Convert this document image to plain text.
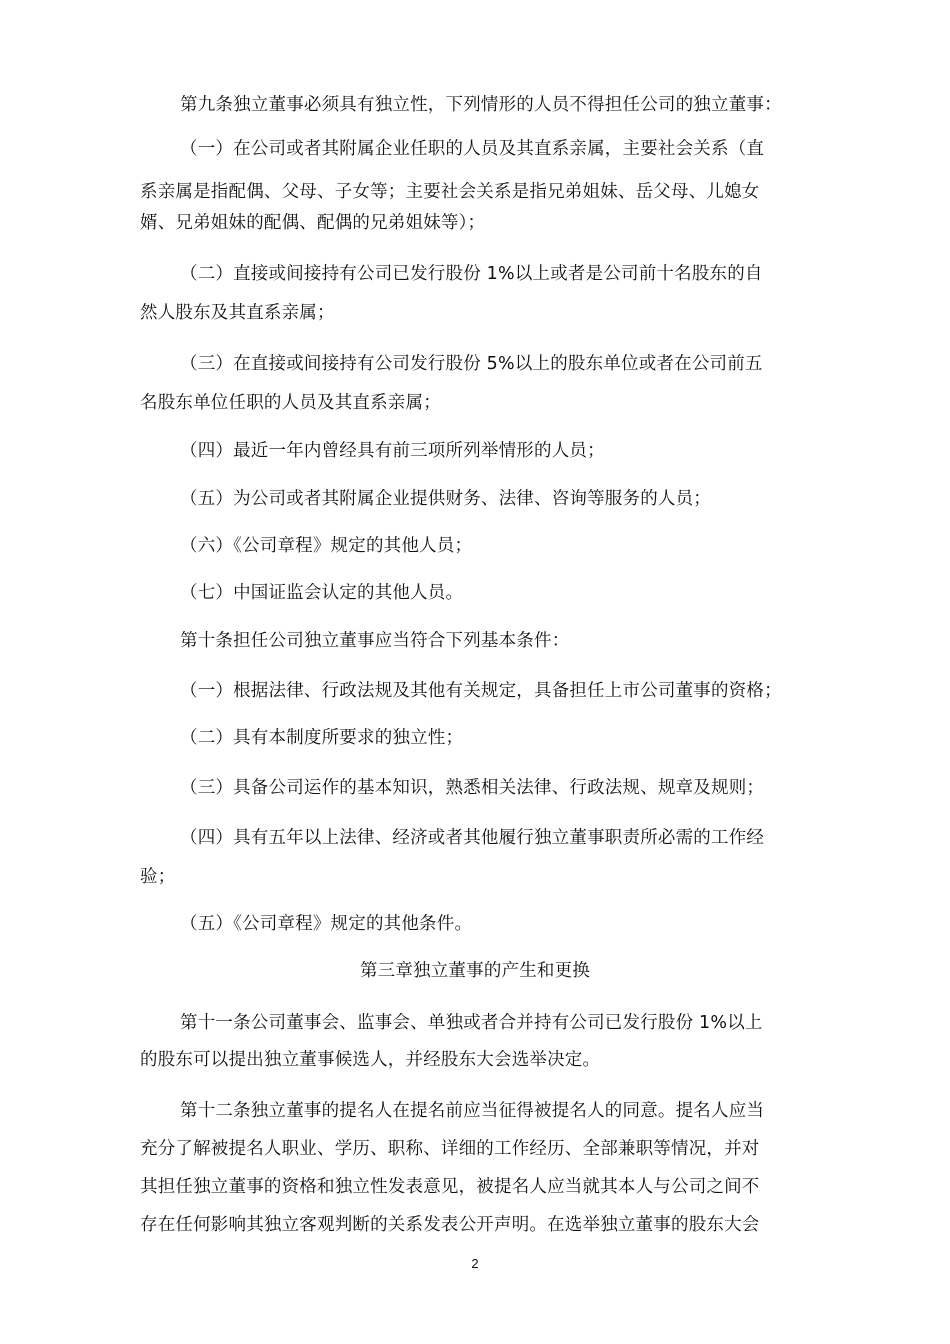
第九条独立董事必须具有独立性，下列情形的人员不得担任公司的独立董事：
（一）在公司或者其附属企业任职的人员及其直系亲属，主要社会关系（直
系亲属是指配偶、父母、子女等；主要社会关系是指兄弟姐妹、岳父母、儿媳女
婿、兄弟姐妹的配偶、配偶的兄弟姐妹等）；
（二）直接或间接持有公司已发行股份 1%以上或者是公司前十名股东的自
然人股东及其直系亲属；
（三）在直接或间接持有公司发行股份 5%以上的股东单位或者在公司前五
名股东单位任职的人员及其直系亲属；
（四）最近一年内曾经具有前三项所列举情形的人员；
（五）为公司或者其附属企业提供财务、法律、咨询等服务的人员；
（六）《公司章程》规定的其他人员；
（七）中国证监会认定的其他人员。
第十条担任公司独立董事应当符合下列基本条件：
（一）根据法律、行政法规及其他有关规定，具备担任上市公司董事的资格；
（二）具有本制度所要求的独立性；
（三）具备公司运作的基本知识，熟悉相关法律、行政法规、规章及规则；
（四）具有五年以上法律、经济或者其他履行独立董事职责所必需的工作经
验；
（五）《公司章程》规定的其他条件。
第三章独立董事的产生和更换
第十一条公司董事会、监事会、单独或者合并持有公司已发行股份 1%以上
的股东可以提出独立董事候选人，并经股东大会选举决定。
第十二条独立董事的提名人在提名前应当征得被提名人的同意。提名人应当
充分了解被提名人职业、学历、职称、详细的工作经历、全部兼职等情况，并对
其担任独立董事的资格和独立性发表意见，被提名人应当就其本人与公司之间不
存在任何影响其独立客观判断的关系发表公开声明。在选举独立董事的股东大会
2
